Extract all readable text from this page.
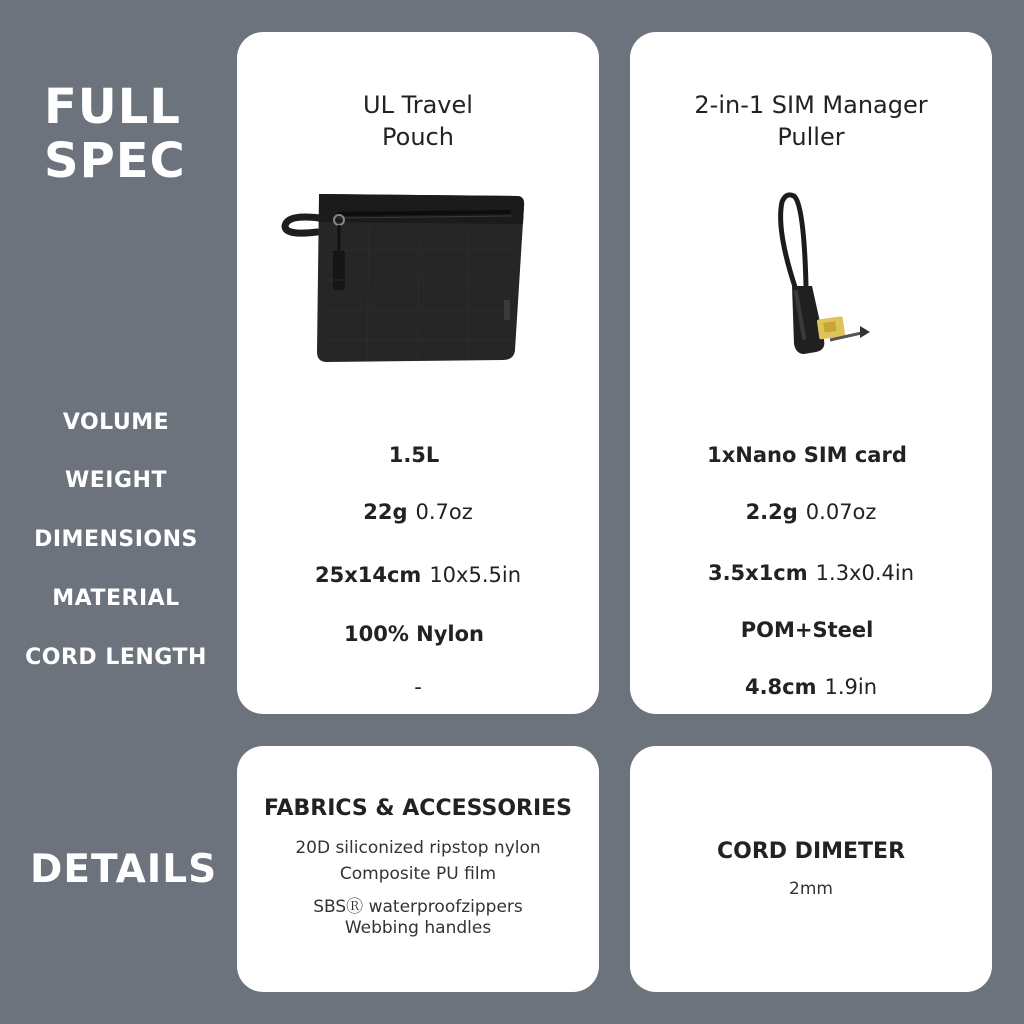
FULL SPEC
DETAILS
VOLUME
WEIGHT
DIMENSIONS
MATERIAL
CORD LENGTH
UL Travel
Pouch
1.5L
22g 0.7oz
25x14cm 10x5.5in
100% Nylon
-
2-in-1 SIM Manager
Puller
1xNano SIM card
2.2g 0.07oz
3.5x1cm 1.3x0.4in
POM+Steel
4.8cm 1.9in
FABRICS & ACCESSORIES
20D siliconized ripstop nylon
Composite PU film
SBSⓇ waterproofzippers
Webbing handles
CORD DIMETER
2mm
